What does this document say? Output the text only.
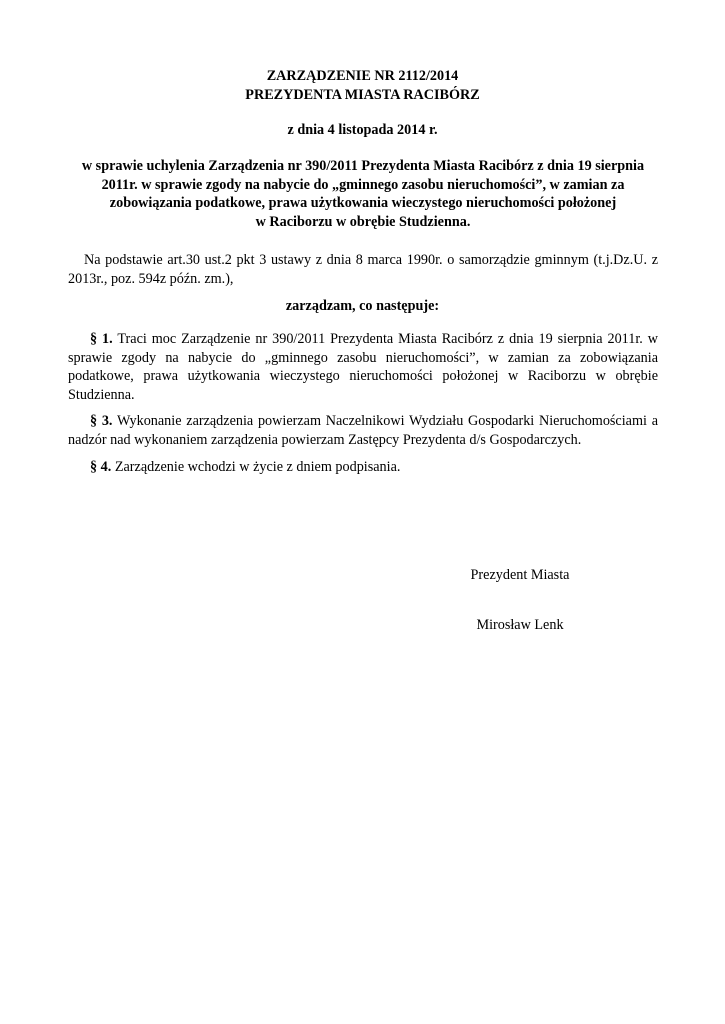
ZARZĄDZENIE NR 2112/2014
PREZYDENTA MIASTA RACIBÓRZ
z dnia 4 listopada 2014 r.
w sprawie uchylenia Zarządzenia nr 390/2011 Prezydenta Miasta Racibórz z dnia 19 sierpnia
2011r. w sprawie zgody na nabycie do „gminnego zasobu nieruchomości”, w zamian za
zobowiązania podatkowe, prawa użytkowania wieczystego nieruchomości położonej
w Raciborzu w obrębie Studzienna.
Na podstawie art.30 ust.2 pkt 3 ustawy z dnia 8 marca 1990r. o samorządzie gminnym (t.j.Dz.U. z 2013r., poz. 594z późn. zm.),
zarządzam, co następuje:
§ 1. Traci moc Zarządzenie nr 390/2011 Prezydenta Miasta Racibórz z dnia 19 sierpnia 2011r. w sprawie zgody na nabycie do „gminnego zasobu nieruchomości”, w zamian za zobowiązania podatkowe, prawa użytkowania wieczystego nieruchomości położonej w Raciborzu w obrębie Studzienna.
§ 3. Wykonanie zarządzenia powierzam Naczelnikowi Wydziału Gospodarki Nieruchomościami a nadzór nad wykonaniem zarządzenia powierzam Zastępcy Prezydenta d/s Gospodarczych.
§ 4. Zarządzenie wchodzi w życie z dniem podpisania.
Prezydent Miasta
Mirosław Lenk
